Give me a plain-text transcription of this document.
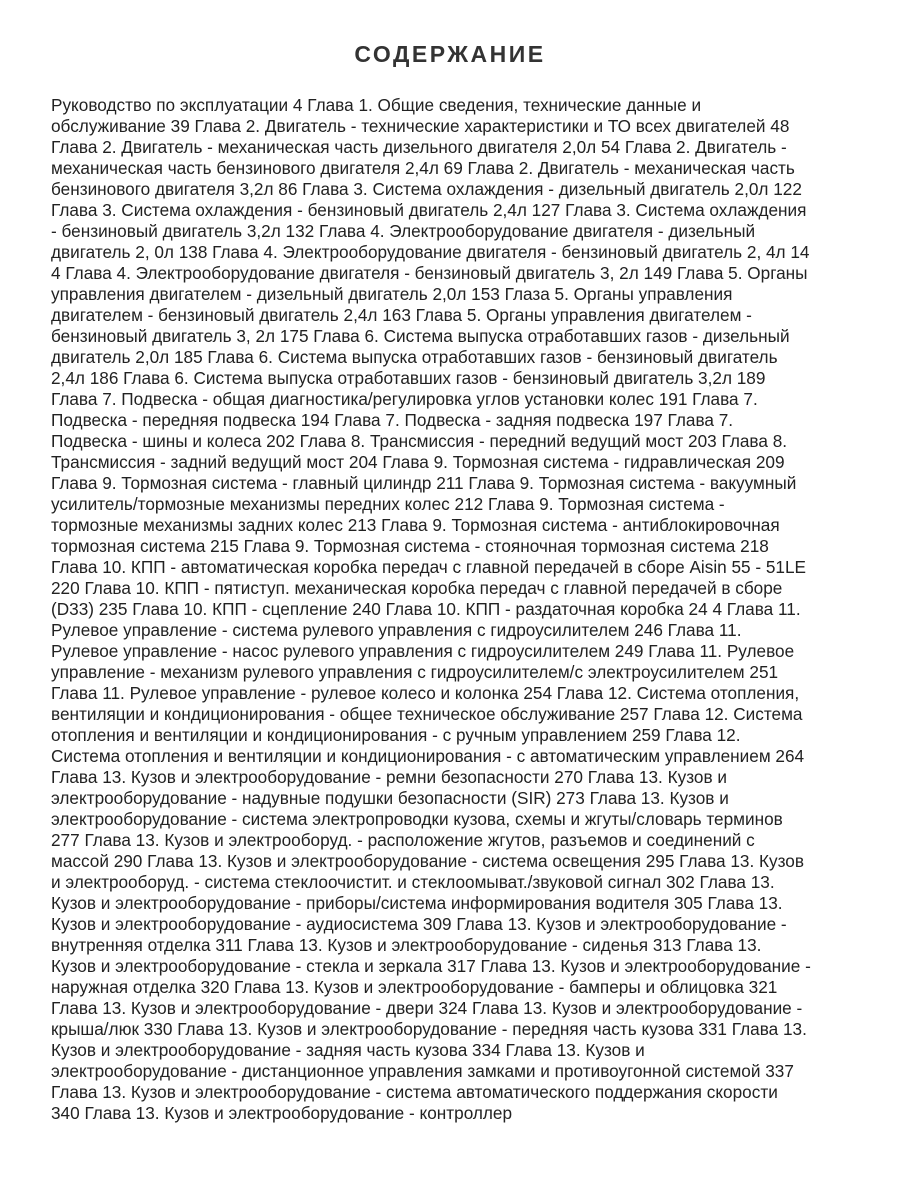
СОДЕРЖАНИЕ

Руководство по эксплуатации 4 Глава 1. Общие сведения, технические данные и обслуживание 39 Глава 2. Двигатель - технические характеристики и ТО всех двигателей 48 Глава 2. Двигатель - механическая часть дизельного двигателя 2,0л 54 Глава 2. Двигатель - механическая часть бензинового двигателя 2,4л 69 Глава 2. Двигатель - механическая часть бензинового двигателя 3,2л 86 Глава 3. Система охлаждения - дизельный двигатель 2,0л 122 Глава 3. Система охлаждения - бензиновый двигатель 2,4л 127 Глава 3. Система охлаждения - бензиновый двигатель 3,2л 132 Глава 4. Электрооборудование двигателя - дизельный двигатель 2, 0л 138 Глава 4. Электрооборудование двигателя - бензиновый двигатель 2, 4л 14 4 Глава 4. Электрооборудование двигателя - бензиновый двигатель 3, 2л 149 Глава 5. Органы управления двигателем - дизельный двигатель 2,0л 153 Глаза 5. Органы управления двигателем - бензиновый двигатель 2,4л 163 Глава 5. Органы управления двигателем - бензиновый двигатель 3, 2л 175 Глава 6. Система выпуска отработавших газов - дизельный двигатель 2,0л 185 Глава 6. Система выпуска отработавших газов - бензиновый двигатель 2,4л 186 Глава 6. Система выпуска отработавших газов - бензиновый двигатель 3,2л 189 Глава 7. Подвеска - общая диагностика/регулировка углов установки колес 191 Глава 7. Подвеска - передняя подвеска 194 Глава 7. Подвеска - задняя подвеска 197 Глава 7. Подвеска - шины и колеса 202 Глава 8. Трансмиссия - передний ведущий мост 203 Глава 8. Трансмиссия - задний ведущий мост 204 Глава 9. Тормозная система - гидравлическая 209 Глава 9. Тормозная система - главный цилиндр 211 Глава 9. Тормозная система - вакуумный усилитель/тормозные механизмы передних колес 212 Глава 9. Тормозная система - тормозные механизмы задних колес 213 Глава 9. Тормозная система - антиблокировочная тормозная система 215 Глава 9. Тормозная система - стояночная тормозная система 218 Глава 10. КПП - автоматическая коробка передач с главной передачей в сборе Aisin 55 - 51LE 220 Глава 10. КПП - пятиступ. механическая коробка передач с главной передачей в сборе (D33) 235 Глава 10. КПП - сцепление 240 Глава 10. КПП - раздаточная коробка 24 4 Глава 11. Рулевое управление - система рулевого управления с гидроусилителем 246 Глава 11. Рулевое управление - насос рулевого управления с гидроусилителем 249 Глава 11. Рулевое управление - механизм рулевого управления с гидроусилителем/с электроусилителем 251 Глава 11. Рулевое управление - рулевое колесо и колонка 254 Глава 12. Система отопления, вентиляции и кондиционирования - общее техническое обслуживание 257 Глава 12. Система отопления и вентиляции и кондиционирования - с ручным управлением 259 Глава 12. Система отопления и вентиляции и кондиционирования - с автоматическим управлением 264 Глава 13. Кузов и электрооборудование - ремни безопасности 270 Глава 13. Кузов и электрооборудование - надувные подушки безопасности (SIR) 273 Глава 13. Кузов и электрооборудование - система электропроводки кузова, схемы и жгуты/словарь терминов 277 Глава 13. Кузов и электрооборуд. - расположение жгутов, разъемов и соединений с массой 290 Глава 13. Кузов и электрооборудование - система освещения 295 Глава 13. Кузов и электрооборуд. - система стеклоочистит. и стеклоомыват./звуковой сигнал 302 Глава 13. Кузов и электрооборудование - приборы/система информирования водителя 305 Глава 13. Кузов и электрооборудование - аудиосистема 309 Глава 13. Кузов и электрооборудование - внутренняя отделка 311 Глава 13. Кузов и электрооборудование - сиденья 313 Глава 13. Кузов и электрооборудование - стекла и зеркала 317 Глава 13. Кузов и электрооборудование - наружная отделка 320 Глава 13. Кузов и электрооборудование - бамперы и облицовка 321 Глава 13. Кузов и электрооборудование - двери 324 Глава 13. Кузов и электрооборудование - крыша/люк 330 Глава 13. Кузов и электрооборудование - передняя часть кузова 331 Глава 13. Кузов и электрооборудование - задняя часть кузова 334 Глава 13. Кузов и электрооборудование - дистанционное управления замками и противоугонной системой 337 Глава 13. Кузов и электрооборудование - система автоматического поддержания скорости 340 Глава 13. Кузов и электрооборудование - контроллер
